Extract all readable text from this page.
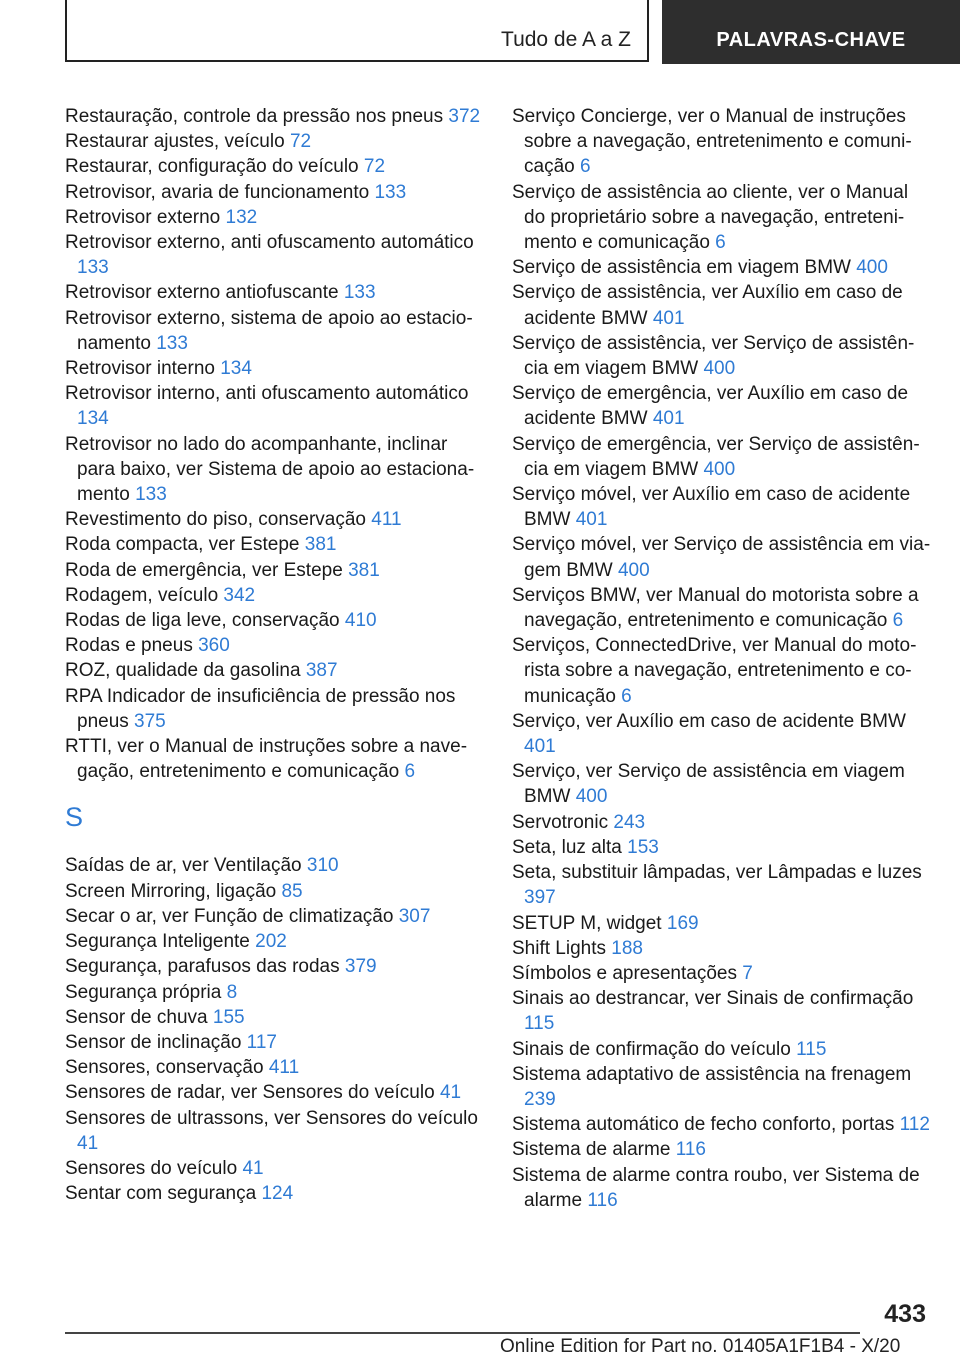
Tudo de A a Z	PALAVRAS-CHAVE
Restauração, controle da pressão nos pneus 372
Restaurar ajustes, veículo 72
Restaurar, configuração do veículo 72
Retrovisor, avaria de funcionamento 133
Retrovisor externo 132
Retrovisor externo, anti ofuscamento automático 133
Retrovisor externo antiofuscante 133
Retrovisor externo, sistema de apoio ao estacionamento 133
Retrovisor interno 134
Retrovisor interno, anti ofuscamento automático 134
Retrovisor no lado do acompanhante, inclinar para baixo, ver Sistema de apoio ao estacionamento 133
Revestimento do piso, conservação 411
Roda compacta, ver Estepe 381
Roda de emergência, ver Estepe 381
Rodagem, veículo 342
Rodas de liga leve, conservação 410
Rodas e pneus 360
ROZ, qualidade da gasolina 387
RPA Indicador de insuficiência de pressão nos pneus 375
RTTI, ver o Manual de instruções sobre a navegação, entretenimento e comunicação 6
S
Saídas de ar, ver Ventilação 310
Screen Mirroring, ligação 85
Secar o ar, ver Função de climatização 307
Segurança Inteligente 202
Segurança, parafusos das rodas 379
Segurança própria 8
Sensor de chuva 155
Sensor de inclinação 117
Sensores, conservação 411
Sensores de radar, ver Sensores do veículo 41
Sensores de ultrassons, ver Sensores do veículo 41
Sensores do veículo 41
Sentar com segurança 124
Serviço Concierge, ver o Manual de instruções sobre a navegação, entretenimento e comunicação 6
Serviço de assistência ao cliente, ver o Manual do proprietário sobre a navegação, entretenimento e comunicação 6
Serviço de assistência em viagem BMW 400
Serviço de assistência, ver Auxílio em caso de acidente BMW 401
Serviço de assistência, ver Serviço de assistência em viagem BMW 400
Serviço de emergência, ver Auxílio em caso de acidente BMW 401
Serviço de emergência, ver Serviço de assistência em viagem BMW 400
Serviço móvel, ver Auxílio em caso de acidente BMW 401
Serviço móvel, ver Serviço de assistência em viagem BMW 400
Serviços BMW, ver Manual do motorista sobre a navegação, entretenimento e comunicação 6
Serviços, ConnectedDrive, ver Manual do motorista sobre a navegação, entretenimento e comunicação 6
Serviço, ver Auxílio em caso de acidente BMW 401
Serviço, ver Serviço de assistência em viagem BMW 400
Servotronic 243
Seta, luz alta 153
Seta, substituir lâmpadas, ver Lâmpadas e luzes 397
SETUP M, widget 169
Shift Lights 188
Símbolos e apresentações 7
Sinais ao destrancar, ver Sinais de confirmação 115
Sinais de confirmação do veículo 115
Sistema adaptativo de assistência na frenagem 239
Sistema automático de fecho conforto, portas 112
Sistema de alarme 116
Sistema de alarme contra roubo, ver Sistema de alarme 116
433
Online Edition for Part no. 01405A1F1B4 - X/20
